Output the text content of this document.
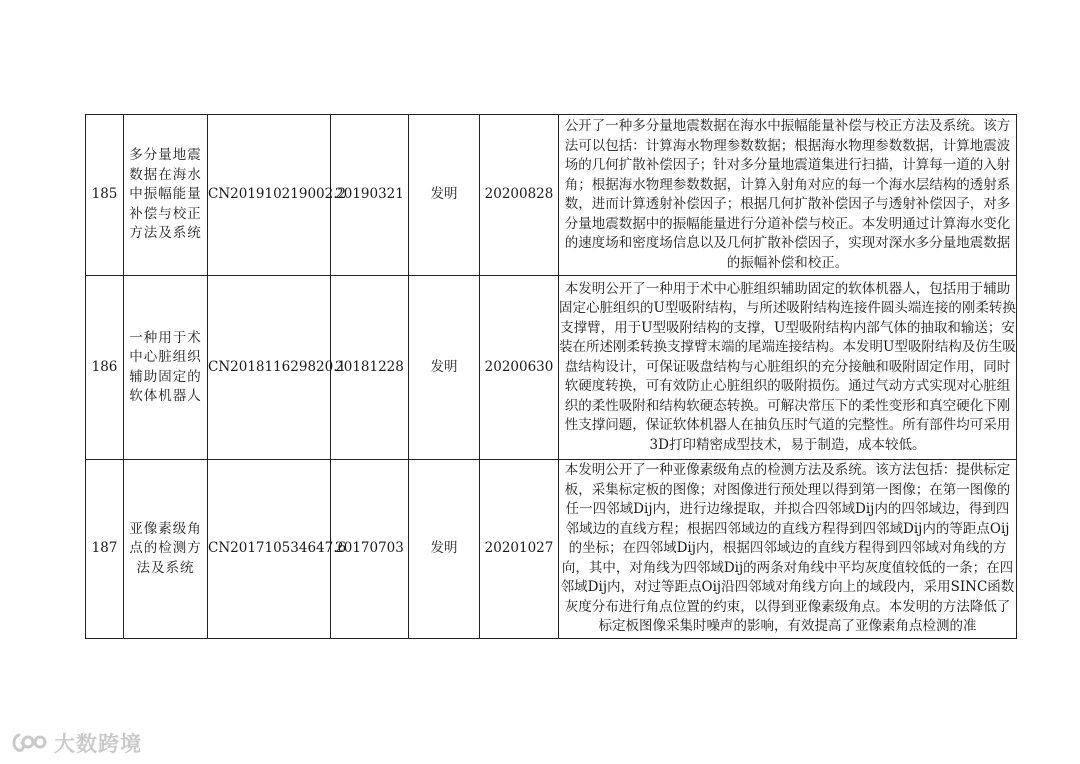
185	多分量地震数据在海水中振幅能量补偿与校正方法及系统	CN201910219002.2	20190321	发明	20200828	公开了一种多分量地震数据在海水中振幅能量补偿与校正方法及系统。该方法可以包括：计算海水物理参数数据；根据海水物理参数数据，计算地震波场的几何扩散补偿因子；针对多分量地震道集进行扫描，计算每一道的入射角；根据海水物理参数数据，计算入射角对应的每一个海水层结构的透射系数，进而计算透射补偿因子；根据几何扩散补偿因子与透射补偿因子，对多分量地震数据中的振幅能量进行分道补偿与校正。本发明通过计算海水变化的速度场和密度场信息以及几何扩散补偿因子，实现对深水多分量地震数据的振幅补偿和校正。
186	一种用于术中心脏组织辅助固定的软体机器人	CN201811629820.1	20181228	发明	20200630	本发明公开了一种用于术中心脏组织辅助固定的软体机器人，包括用于辅助固定心脏组织的U型吸附结构，与所述吸附结构连接件圆头端连接的刚柔转换支撑臂，用于U型吸附结构的支撑，U型吸附结构内部气体的抽取和输送；安装在所述刚柔转换支撑臂末端的尾端连接结构。本发明U型吸附结构及仿生吸盘结构设计，可保证吸盘结构与心脏组织的充分接触和吸附固定作用，同时软硬度转换，可有效防止心脏组织的吸附损伤。通过气动方式实现对心脏组织的柔性吸附和结构软硬态转换。可解决常压下的柔性变形和真空硬化下刚性支撑问题，保证软体机器人在抽负压时气道的完整性。所有部件均可采用3D打印精密成型技术，易于制造，成本较低。
187	亚像素级角点的检测方法及系统	CN201710534647.6	20170703	发明	20201027	本发明公开了一种亚像素级角点的检测方法及系统。该方法包括：提供标定板，采集标定板的图像；对图像进行预处理以得到第一图像；在第一图像的任一四邻域Dij内，进行边缘提取，并拟合四邻域Dij内的四邻域边，得到四邻域边的直线方程；根据四邻域边的直线方程得到四邻域Dij内的等距点Oij的坐标；在四邻域Dij内，根据四邻域边的直线方程得到四邻域对角线的方向，其中，对角线为四邻域Dij的两条对角线中平均灰度值较低的一条；在四邻域Dij内，对过等距点Oij沿四邻域对角线方向上的域段内，采用SINC函数灰度分布进行角点位置的约束，以得到亚像素级角点。本发明的方法降低了标定板图像采集时噪声的影响，有效提高了亚像素角点检测的准
大数跨境
